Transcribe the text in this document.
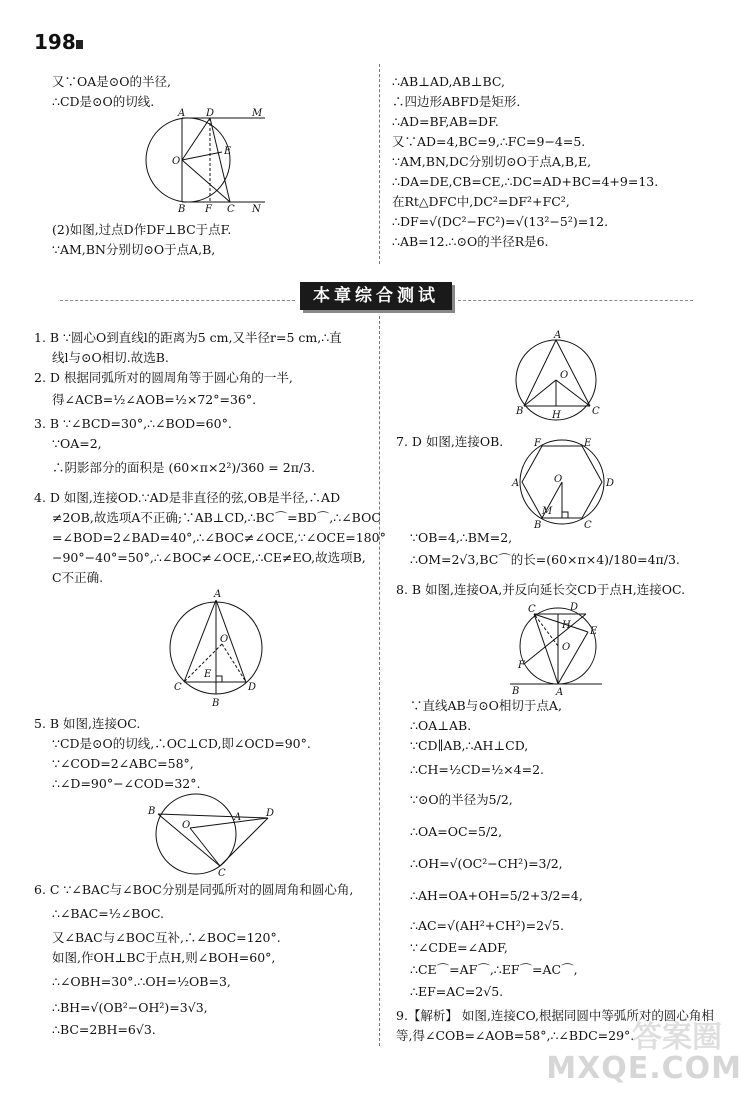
198
又∵OA是⊙O的半径,
∴CD是⊙O的切线.
A D	M
E
O
B F C N
(2)如图,过点D作DF⊥BC于点F.
∵AM,BN分别切⊙O于点A,B,
∴AB⊥AD,AB⊥BC,
∴四边形ABFD是矩形.
∴AD=BF,AB=DF.
又∵AD=4,BC=9,∴FC=9−4=5.
∵AM,BN,DC分别切⊙O于点A,B,E,
∴DA=DE,CB=CE,∴DC=AD+BC=4+9=13.
在Rt△DFC中,DC²=DF²+FC²,
∴DF=√(DC²−FC²)=√(13²−5²)=12.
∴AB=12.∴⊙O的半径R是6.
本章综合测试
1. B ∵圆心O到直线l的距离为5 cm,又半径r=5 cm,∴直
线l与⊙O相切.故选B.
2. D 根据同弧所对的圆周角等于圆心角的一半,
得∠ACB=½∠AOB=½×72°=36°.
3. B ∵∠BCD=30°,∴∠BOD=60°.
∵OA=2,
∴阴影部分的面积是 (60×π×2²)/360 = 2π/3.
4. D 如图,连接OD.∵AD是非直径的弦,OB是半径,∴AD
≠2OB,故选项A不正确;∵AB⊥CD,∴BC⌒=BD⌒,∴∠BOC
=∠BOD=2∠BAD=40°,∴∠BOC≠∠OCE,∵∠OCE=180°
−90°−40°=50°,∴∠BOC≠∠OCE,∴CE≠EO,故选项B,
C不正确.
A
O
E
C	D
B
5. B 如图,连接OC.
∵CD是⊙O的切线,∴OC⊥CD,即∠OCD=90°.
∵∠COD=2∠ABC=58°,
∴∠D=90°−∠COD=32°.
B
O
A D
C
6. C ∵∠BAC与∠BOC分别是同弧所对的圆周角和圆心角,
∴∠BAC=½∠BOC.
又∠BAC与∠BOC互补,∴∠BOC=120°.
如图,作OH⊥BC于点H,则∠BOH=60°,
∴∠OBH=30°.∴OH=½OB=3,
∴BH=√(OB²−OH²)=3√3,
∴BC=2BH=6√3.
A
O
B	H	C
7. D 如图,连接OB.	F	E
A	D
O
M
B	C
∵OB=4,∴BM=2,
∴OM=2√3,BC⌒的长=(60×π×4)/180=4π/3.
8. B 如图,连接OA,并反向延长交CD于点H,连接OC.
C	D
H
E
O
F
B	A
∵直线AB与⊙O相切于点A,
∴OA⊥AB.
∵CD∥AB,∴AH⊥CD,
∴CH=½CD=½×4=2.
∵⊙O的半径为5/2,
∴OA=OC=5/2,
∴OH=√(OC²−CH²)=3/2,
∴AH=OA+OH=5/2+3/2=4,
∴AC=√(AH²+CH²)=2√5.
∵∠CDE=∠ADF,
∴CE⌒=AF⌒,∴EF⌒=AC⌒,
∴EF=AC=2√5.
9.【解析】 如图,连接CO,根据同圆中等弧所对的圆心角相
等,得∠COB=∠AOB=58°,∴∠BDC=29°.
答案圈
MXQE.COM
